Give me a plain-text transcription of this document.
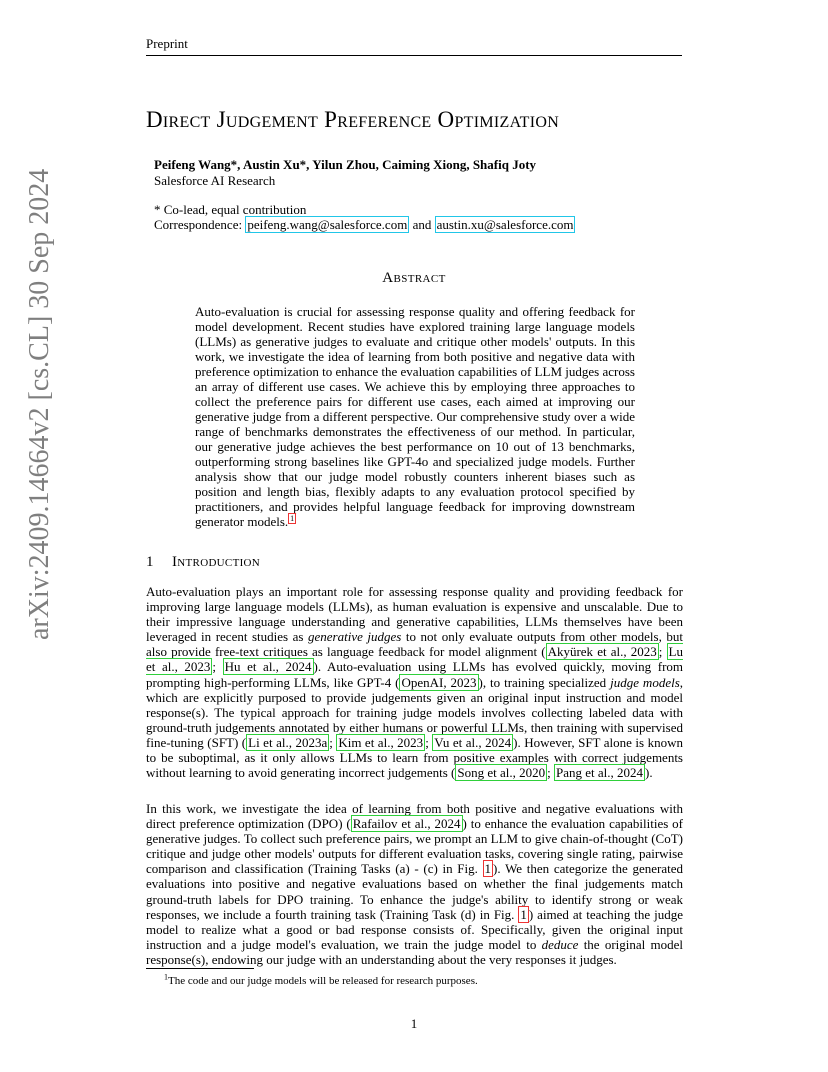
Preprint
Direct Judgement Preference Optimization
Peifeng Wang*, Austin Xu*, Yilun Zhou, Caiming Xiong, Shafiq Joty
Salesforce AI Research
* Co-lead, equal contribution
Correspondence: peifeng.wang@salesforce.com and austin.xu@salesforce.com
Abstract
Auto-evaluation is crucial for assessing response quality and offering feedback for model development. Recent studies have explored training large language models (LLMs) as generative judges to evaluate and critique other models' outputs. In this work, we investigate the idea of learning from both positive and negative data with preference optimization to enhance the evaluation capabilities of LLM judges across an array of different use cases. We achieve this by employing three approaches to collect the preference pairs for different use cases, each aimed at improving our generative judge from a different perspective. Our comprehensive study over a wide range of benchmarks demonstrates the effectiveness of our method. In particular, our generative judge achieves the best performance on 10 out of 13 benchmarks, outperforming strong baselines like GPT-4o and specialized judge models. Further analysis show that our judge model robustly counters inherent biases such as position and length bias, flexibly adapts to any evaluation protocol specified by practitioners, and provides helpful language feedback for improving downstream generator models. $^1$
1 Introduction

Auto-evaluation plays an important role for assessing response quality and providing feedback for improving large language models (LLMs), as human evaluation is expensive and unscalable. Due to their impressive language understanding and generative capabilities, LLMs themselves have been leveraged in recent studies as generative judges to not only evaluate outputs from other models, but also provide free-text critiques as language feedback for model alignment ( Akyürek et al., 2023 ; Lu et al., 2023 ; Hu et al., 2024 ). Auto-evaluation using LLMs has evolved quickly, moving from prompting high-performing LLMs, like GPT-4 ( OpenAI, 2023 ), to training specialized judge models, which are explicitly purposed to provide judgements given an original input instruction and model response(s). The typical approach for training judge models involves collecting labeled data with ground-truth judgements annotated by either humans or powerful LLMs, then training with supervised fine-tuning (SFT) ( Li et al., 2023a ; Kim et al., 2023 ; Vu et al., 2024 ). However, SFT alone is known to be suboptimal, as it only allows LLMs to learn from positive examples with correct judgements without learning to avoid generating incorrect judgements ( Song et al., 2020 ; Pang et al., 2024 ).

In this work, we investigate the idea of learning from both positive and negative evaluations with direct preference optimization (DPO) ( Rafailov et al., 2024 ) to enhance the evaluation capabilities of generative judges. To collect such preference pairs, we prompt an LLM to give chain-of-thought (CoT) critique and judge other models' outputs for different evaluation tasks, covering single rating, pairwise comparison and classification (Training Tasks (a) - (c) in Fig. 1 ). We then categorize the generated evaluations into positive and negative evaluations based on whether the final judgements match ground-truth labels for DPO training. To enhance the judge's ability to identify strong or weak responses, we include a fourth training task (Training Task (d) in Fig. 1 ) aimed at teaching the judge model to realize what a good or bad response consists of. Specifically, given the original input instruction and a judge model's evaluation, we train the judge model to deduce the original model response(s), endowing our judge with an understanding about the very responses it judges.

$^1$The code and our judge models will be released for research purposes.
1
arXiv:2409.14664v2 [cs.CL] 30 Sep 2024
